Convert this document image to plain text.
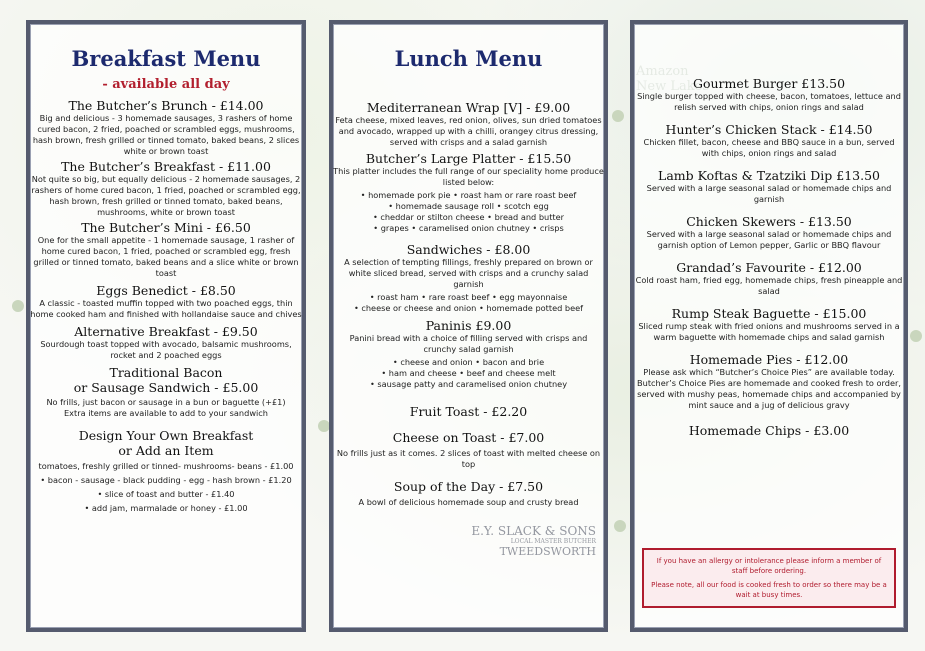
Breakfast Menu
- available all day
The Butcher’s Brunch - £14.00

Big and delicious - 3 homemade sausages, 3 rashers of home cured bacon, 2 fried, poached or scrambled eggs, mushrooms, hash brown, fresh grilled or tinned tomato, baked beans, 2 slices white or brown toast

The Butcher’s Breakfast - £11.00

Not quite so big, but equally delicious - 2 homemade sausages, 2 rashers of home cured bacon, 1 fried, poached or scrambled egg, hash brown, fresh grilled or tinned tomato, baked beans, mushrooms, white or brown toast

The Butcher’s Mini - £6.50

One for the small appetite - 1 homemade sausage, 1 rasher of home cured bacon, 1 fried, poached or scrambled egg, fresh grilled or tinned tomato, baked beans and a slice white or brown toast

Eggs Benedict - £8.50

A classic - toasted muffin topped with two poached eggs, thin home cooked ham and finished with hollandaise sauce and chives

Alternative Breakfast - £9.50

Sourdough toast topped with avocado, balsamic mushrooms, rocket and 2 poached eggs

Traditional Bacon
or Sausage Sandwich - £5.00

No frills, just bacon or sausage in a bun or baguette (+£1)

Extra items are available to add to your sandwich

Design Your Own Breakfast
or Add an Item
tomatoes, freshly grilled or tinned- mushrooms- beans - £1.00
• bacon - sausage - black pudding - egg - hash brown - £1.20
• slice of toast and butter - £1.40
• add jam, marmalade or honey - £1.00
Lunch Menu
Mediterranean Wrap [V] - £9.00

Feta cheese, mixed leaves, red onion, olives, sun dried tomatoes and avocado, wrapped up with a chilli, orangey citrus dressing, served with crisps and a salad garnish

Butcher’s Large Platter - £15.50

This platter includes the full range of our speciality home produce listed below:

• homemade pork pie • roast ham or rare roast beef
• homemade sausage roll • scotch egg
• cheddar or stilton cheese • bread and butter
• grapes • caramelised onion chutney • crisps
Sandwiches - £8.00

A selection of tempting fillings, freshly prepared on brown or white sliced bread, served with crisps and a crunchy salad garnish

• roast ham • rare roast beef • egg mayonnaise
• cheese or cheese and onion • homemade potted beef
Paninis £9.00

Panini bread with a choice of filling served with crisps and crunchy salad garnish

• cheese and onion • bacon and brie
• ham and cheese • beef and cheese melt
• sausage patty and caramelised onion chutney
Fruit Toast - £2.20
Cheese on Toast - £7.00

No frills just as it comes. 2 slices of toast with melted cheese on top

Soup of the Day - £7.50

A bowl of delicious homemade soup and crusty bread

E.Y. SLACK & SONS
LOCAL MASTER BUTCHER
TWEEDSWORTH
Gourmet Burger £13.50

Single burger topped with cheese, bacon, tomatoes, lettuce and relish served with chips, onion rings and salad

Hunter’s Chicken Stack - £14.50

Chicken fillet, bacon, cheese and BBQ sauce in a bun, served with chips, onion rings and salad

Lamb Koftas & Tzatziki Dip £13.50

Served with a large seasonal salad or homemade chips and garnish

Chicken Skewers - £13.50

Served with a large seasonal salad or homemade chips and garnish option of Lemon pepper, Garlic or BBQ flavour

Grandad’s Favourite - £12.00

Cold roast ham, fried egg, homemade chips, fresh pineapple and salad

Rump Steak Baguette - £15.00

Sliced rump steak with fried onions and mushrooms served in a warm baguette with homemade chips and salad garnish

Homemade Pies - £12.00

Please ask which “Butcher’s Choice Pies” are available today. Butcher’s Choice Pies are homemade and cooked fresh to order, served with mushy peas, homemade chips and accompanied by mint sauce and a jug of delicious gravy

Homemade Chips - £3.00
If you have an allergy or intolerance please inform a member of staff before ordering.
Please note, all our food is cooked fresh to order so there may be a wait at busy times.
